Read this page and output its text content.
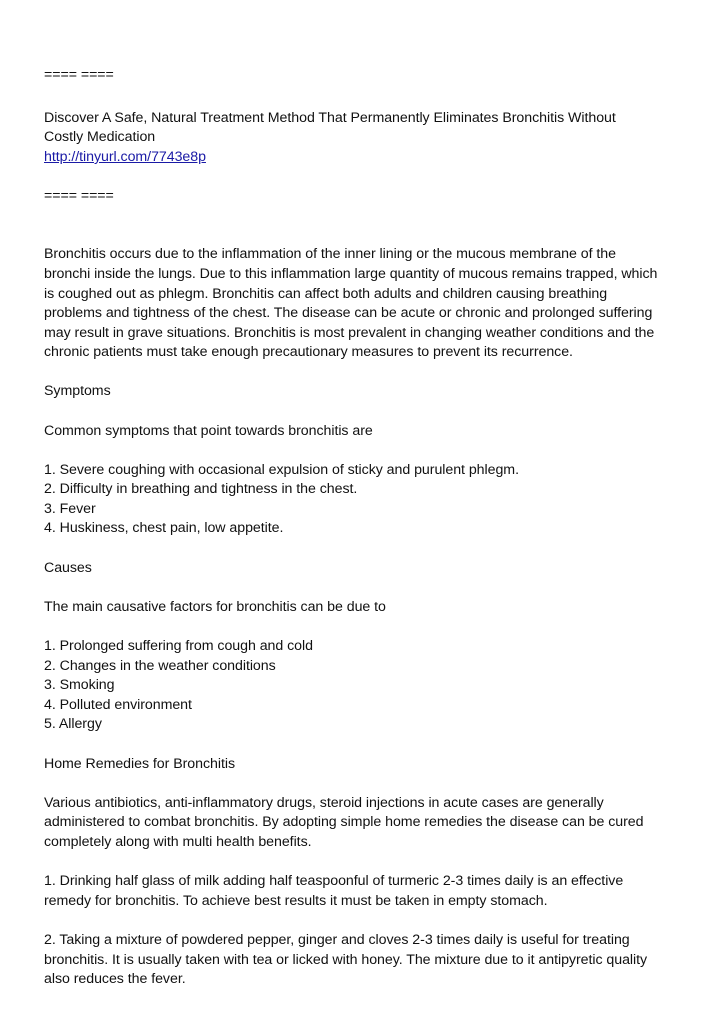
==== ====
Discover A Safe, Natural Treatment Method That Permanently Eliminates Bronchitis Without
Costly Medication
http://tinyurl.com/7743e8p
==== ====
Bronchitis occurs due to the inflammation of the inner lining or the mucous membrane of the
bronchi inside the lungs. Due to this inflammation large quantity of mucous remains trapped, which
is coughed out as phlegm. Bronchitis can affect both adults and children causing breathing
problems and tightness of the chest. The disease can be acute or chronic and prolonged suffering
may result in grave situations. Bronchitis is most prevalent in changing weather conditions and the
chronic patients must take enough precautionary measures to prevent its recurrence.
Symptoms
Common symptoms that point towards bronchitis are
1. Severe coughing with occasional expulsion of sticky and purulent phlegm.
2. Difficulty in breathing and tightness in the chest.
3. Fever
4. Huskiness, chest pain, low appetite.
Causes
The main causative factors for bronchitis can be due to
1. Prolonged suffering from cough and cold
2. Changes in the weather conditions
3. Smoking
4. Polluted environment
5. Allergy
Home Remedies for Bronchitis
Various antibiotics, anti-inflammatory drugs, steroid injections in acute cases are generally
administered to combat bronchitis. By adopting simple home remedies the disease can be cured
completely along with multi health benefits.
1. Drinking half glass of milk adding half teaspoonful of turmeric 2-3 times daily is an effective
remedy for bronchitis. To achieve best results it must be taken in empty stomach.
2. Taking a mixture of powdered pepper, ginger and cloves 2-3 times daily is useful for treating
bronchitis. It is usually taken with tea or licked with honey. The mixture due to it antipyretic quality
also reduces the fever.
